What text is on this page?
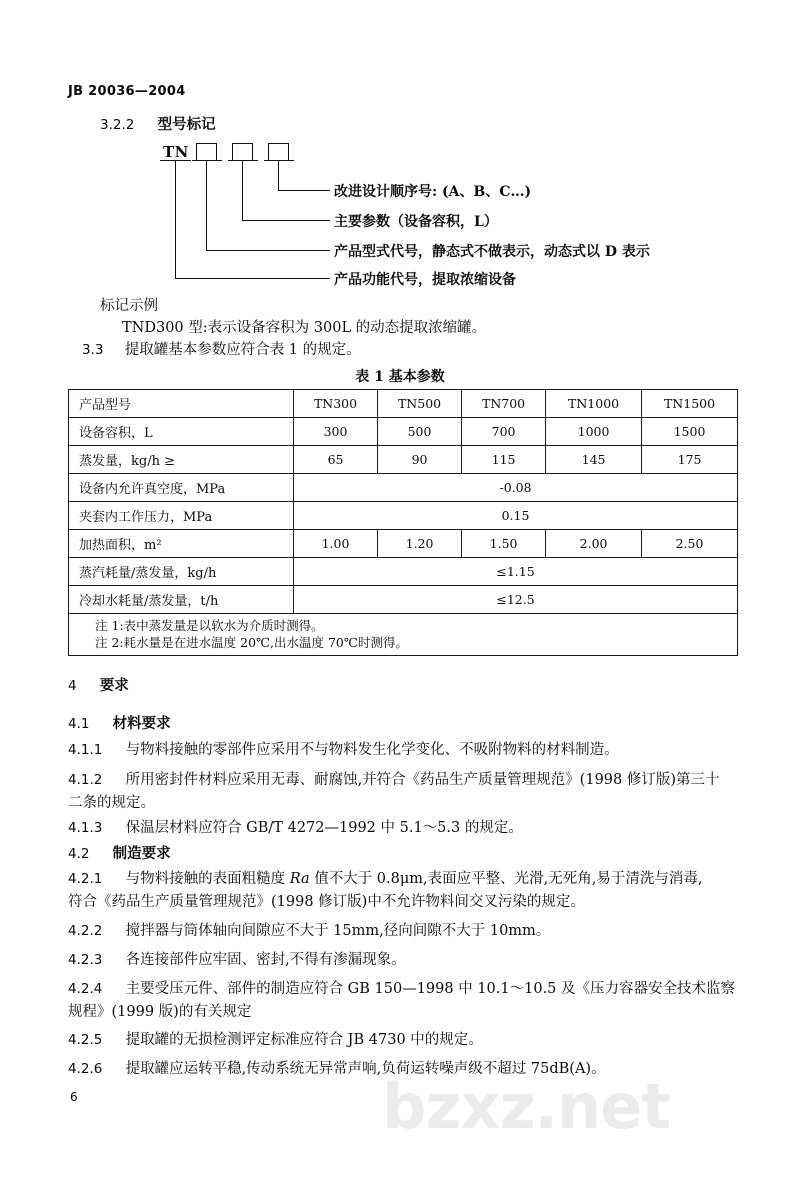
bzxz.net
JB 20036—2004
3.2.2 型号标记
TN
改进设计顺序号: (A、B、C…)
主要参数（设备容积，L）
产品型式代号，静态式不做表示，动态式以 D 表示
产品功能代号，提取浓缩设备
标记示例
TND300 型:表示设备容积为 300L 的动态提取浓缩罐。
3.3 提取罐基本参数应符合表 1 的规定。
表 1 基本参数
产品型号	TN300	TN500	TN700	TN1000	TN1500
设备容积，L	300	500	700	1000	1500
蒸发量，kg/h ≥	65	90	115	145	175
设备内允许真空度，MPa	-0.08				
夹套内工作压力，MPa	0.15				
加热面积，m²	1.00	1.20	1.50	2.00	2.50
蒸汽耗量/蒸发量，kg/h	≤1.15				
冷却水耗量/蒸发量，t/h	≤12.5				

注 1:表中蒸发量是以软水为介质时测得。
注 2:耗水量是在进水温度 20℃,出水温度 70℃时测得。					
4 要求
4.1 材料要求
4.1.1 与物料接触的零部件应采用不与物料发生化学变化、不吸附物料的材料制造。
4.1.2 所用密封件材料应采用无毒、耐腐蚀,并符合《药品生产质量管理规范》(1998 修订版)第三十
二条的规定。
4.1.3 保温层材料应符合 GB/T 4272—1992 中 5.1～5.3 的规定。
4.2 制造要求
4.2.1 与物料接触的表面粗糙度 Ra 值不大于 0.8μm,表面应平整、光滑,无死角,易于清洗与消毒,
符合《药品生产质量管理规范》(1998 修订版)中不允许物料间交叉污染的规定。
4.2.2 搅拌器与筒体轴向间隙应不大于 15mm,径向间隙不大于 10mm。
4.2.3 各连接部件应牢固、密封,不得有渗漏现象。
4.2.4 主要受压元件、部件的制造应符合 GB 150—1998 中 10.1～10.5 及《压力容器安全技术监察
规程》(1999 版)的有关规定
4.2.5 提取罐的无损检测评定标准应符合 JB 4730 中的规定。
4.2.6 提取罐应运转平稳,传动系统无异常声响,负荷运转噪声级不超过 75dB(A)。
6
